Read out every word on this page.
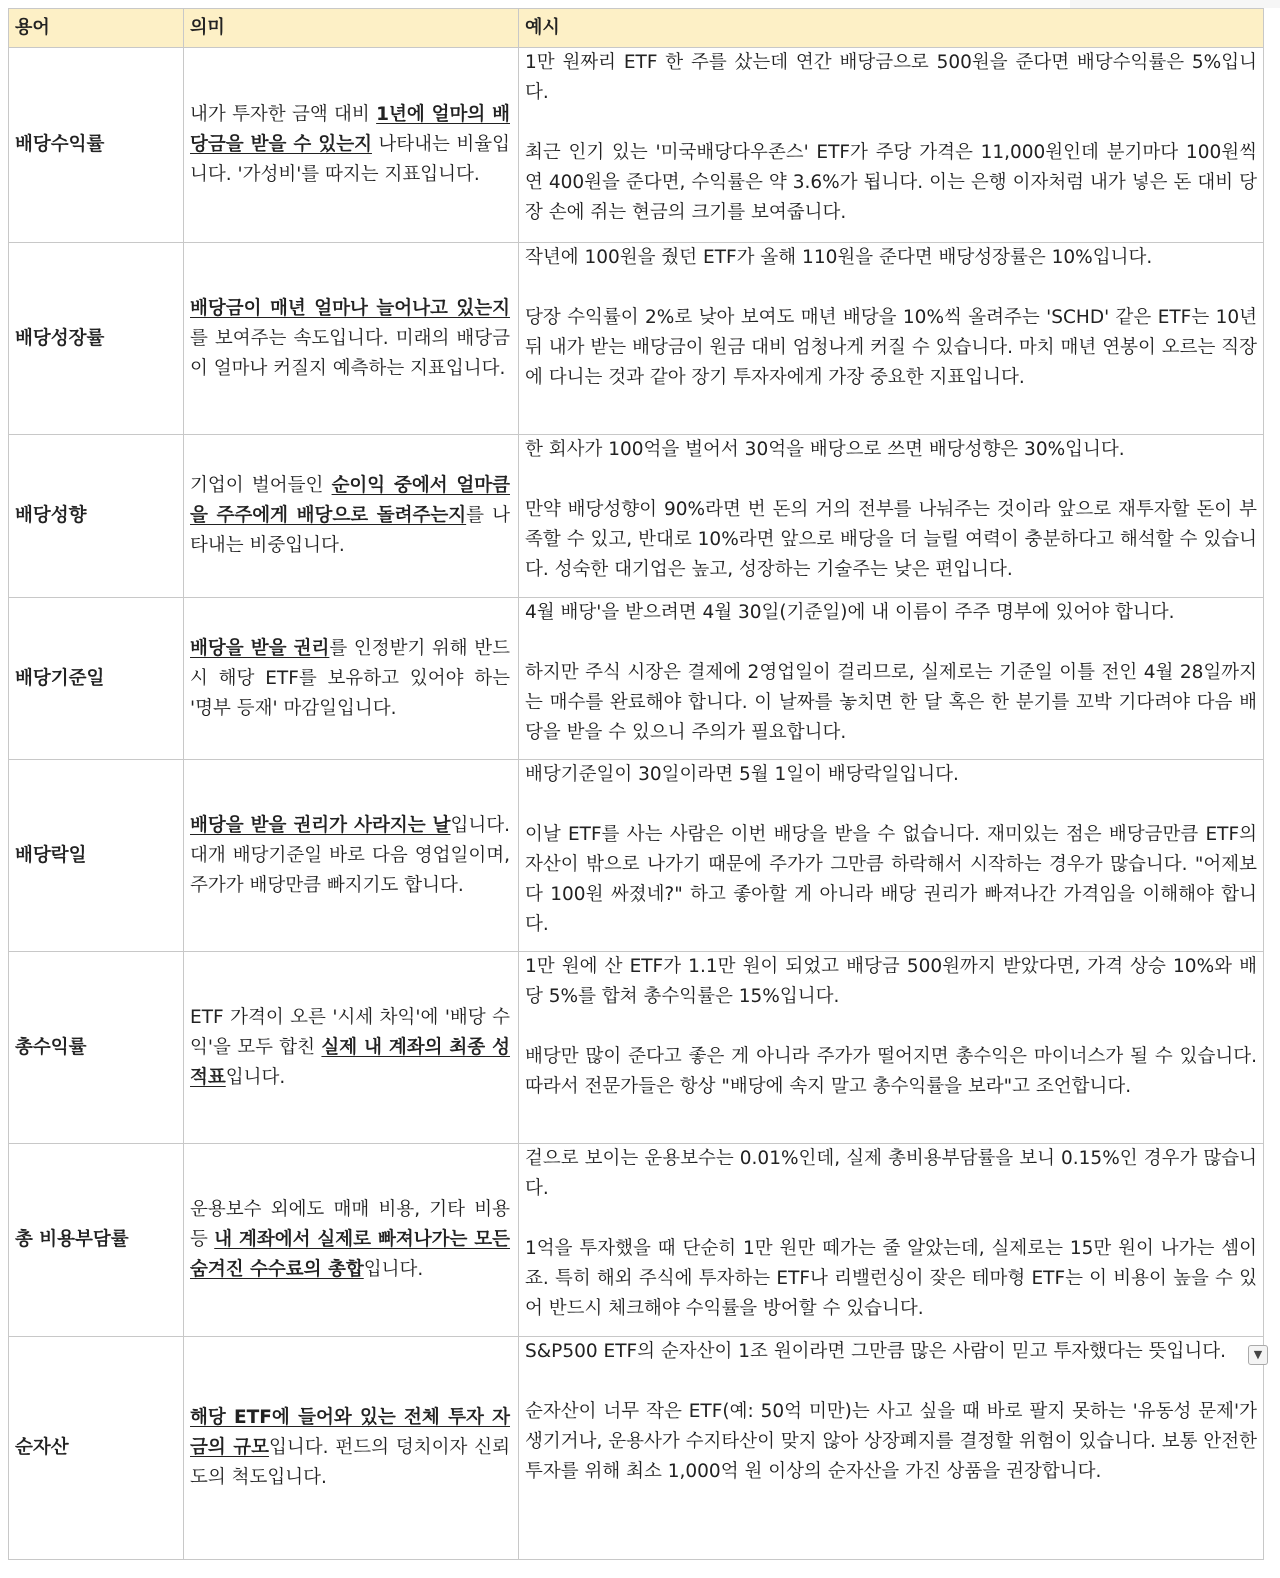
용어	의미	예시
배당수익률	내가 투자한 금액 대비 1년에 얼마의 배당금을 받을 수 있는지 나타내는 비율입니다. '가성비'를 따지는 지표입니다.	1만 원짜리 ETF 한 주를 샀는데 연간 배당금으로 500원을 준다면 배당수익률은 5%입니다.

최근 인기 있는 '미국배당다우존스' ETF가 주당 가격은 11,000원인데 분기마다 100원씩 연 400원을 준다면, 수익률은 약 3.6%가 됩니다. 이는 은행 이자처럼 내가 넣은 돈 대비 당장 손에 쥐는 현금의 크기를 보여줍니다.

배당성장률	배당금이 매년 얼마나 늘어나고 있는지를 보여주는 속도입니다. 미래의 배당금이 얼마나 커질지 예측하는 지표입니다.	작년에 100원을 줬던 ETF가 올해 110원을 준다면 배당성장률은 10%입니다.

당장 수익률이 2%로 낮아 보여도 매년 배당을 10%씩 올려주는 'SCHD' 같은 ETF는 10년 뒤 내가 받는 배당금이 원금 대비 엄청나게 커질 수 있습니다. 마치 매년 연봉이 오르는 직장에 다니는 것과 같아 장기 투자자에게 가장 중요한 지표입니다.

배당성향	기업이 벌어들인 순이익 중에서 얼마큼을 주주에게 배당으로 돌려주는지를 나타내는 비중입니다.	한 회사가 100억을 벌어서 30억을 배당으로 쓰면 배당성향은 30%입니다.

만약 배당성향이 90%라면 번 돈의 거의 전부를 나눠주는 것이라 앞으로 재투자할 돈이 부족할 수 있고, 반대로 10%라면 앞으로 배당을 더 늘릴 여력이 충분하다고 해석할 수 있습니다. 성숙한 대기업은 높고, 성장하는 기술주는 낮은 편입니다.

배당기준일	배당을 받을 권리를 인정받기 위해 반드시 해당 ETF를 보유하고 있어야 하는 '명부 등재' 마감일입니다.	4월 배당'을 받으려면 4월 30일(기준일)에 내 이름이 주주 명부에 있어야 합니다.

하지만 주식 시장은 결제에 2영업일이 걸리므로, 실제로는 기준일 이틀 전인 4월 28일까지는 매수를 완료해야 합니다. 이 날짜를 놓치면 한 달 혹은 한 분기를 꼬박 기다려야 다음 배당을 받을 수 있으니 주의가 필요합니다.

배당락일	배당을 받을 권리가 사라지는 날입니다. 대개 배당기준일 바로 다음 영업일이며, 주가가 배당만큼 빠지기도 합니다.	배당기준일이 30일이라면 5월 1일이 배당락일입니다.

이날 ETF를 사는 사람은 이번 배당을 받을 수 없습니다. 재미있는 점은 배당금만큼 ETF의 자산이 밖으로 나가기 때문에 주가가 그만큼 하락해서 시작하는 경우가 많습니다. "어제보다 100원 싸졌네?" 하고 좋아할 게 아니라 배당 권리가 빠져나간 가격임을 이해해야 합니다.

총수익률	ETF 가격이 오른 '시세 차익'에 '배당 수익'을 모두 합친 실제 내 계좌의 최종 성적표입니다.	1만 원에 산 ETF가 1.1만 원이 되었고 배당금 500원까지 받았다면, 가격 상승 10%와 배당 5%를 합쳐 총수익률은 15%입니다.

배당만 많이 준다고 좋은 게 아니라 주가가 떨어지면 총수익은 마이너스가 될 수 있습니다. 따라서 전문가들은 항상 "배당에 속지 말고 총수익률을 보라"고 조언합니다.

총 비용부담률	운용보수 외에도 매매 비용, 기타 비용 등 내 계좌에서 실제로 빠져나가는 모든 숨겨진 수수료의 총합입니다.	겉으로 보이는 운용보수는 0.01%인데, 실제 총비용부담률을 보니 0.15%인 경우가 많습니다.

1억을 투자했을 때 단순히 1만 원만 떼가는 줄 알았는데, 실제로는 15만 원이 나가는 셈이죠. 특히 해외 주식에 투자하는 ETF나 리밸런싱이 잦은 테마형 ETF는 이 비용이 높을 수 있어 반드시 체크해야 수익률을 방어할 수 있습니다.

순자산	해당 ETF에 들어와 있는 전체 투자 자금의 규모입니다. 펀드의 덩치이자 신뢰도의 척도입니다.	S&P500 ETF의 순자산이 1조 원이라면 그만큼 많은 사람이 믿고 투자했다는 뜻입니다.

순자산이 너무 작은 ETF(예: 50억 미만)는 사고 싶을 때 바로 팔지 못하는 '유동성 문제'가 생기거나, 운용사가 수지타산이 맞지 않아 상장폐지를 결정할 위험이 있습니다. 보통 안전한 투자를 위해 최소 1,000억 원 이상의 순자산을 가진 상품을 권장합니다.

▼
